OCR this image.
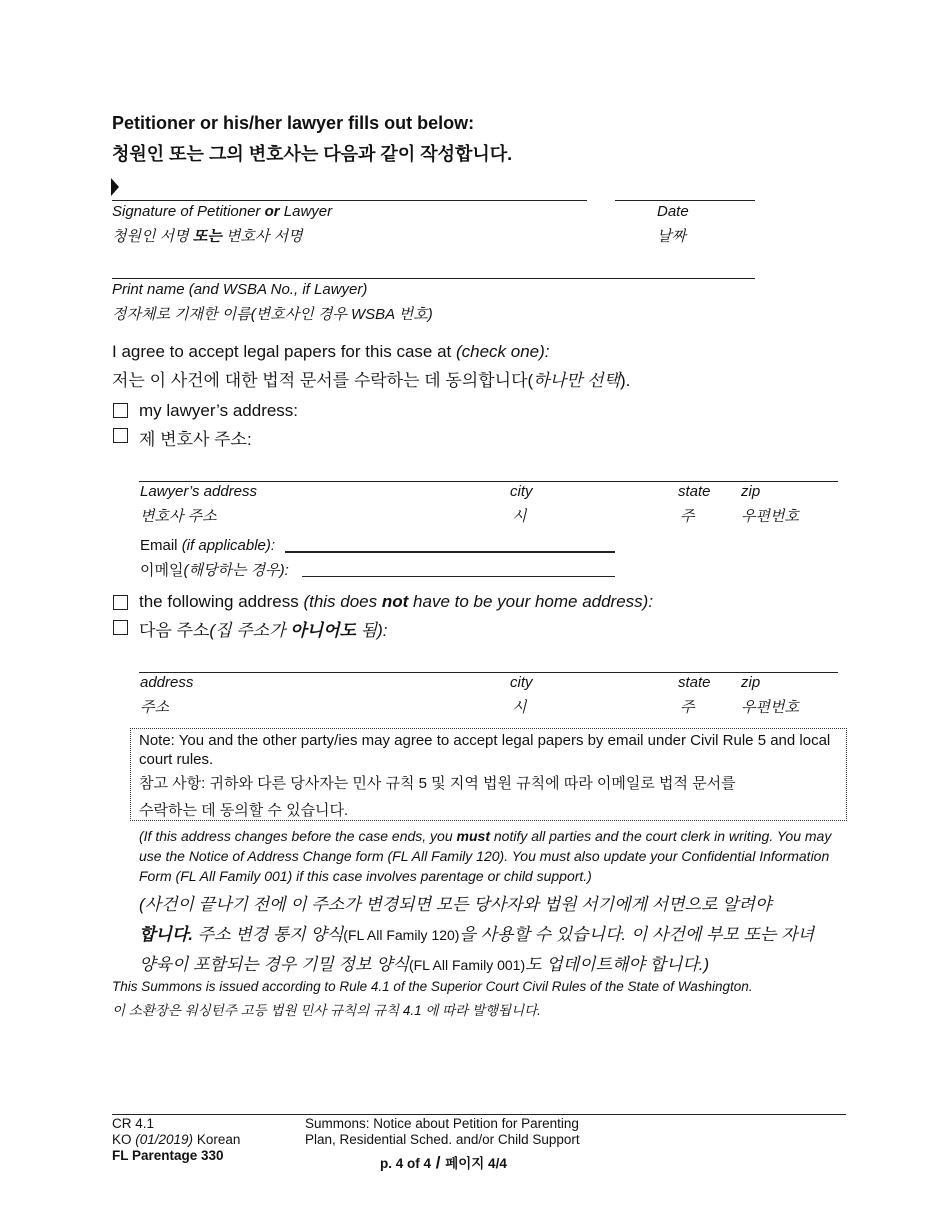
Petitioner or his/her lawyer fills out below:
청원인 또는 그의 변호사는 다음과 같이 작성합니다.
Signature of Petitioner or Lawyer
청원인 서명 또는 변호사 서명
Date
날짜
Print name (and WSBA No., if Lawyer)
정자체로 기재한 이름(변호사인 경우 WSBA 번호)
I agree to accept legal papers for this case at (check one):
저는 이 사건에 대한 법적 문서를 수락하는 데 동의합니다(하나만 선택).
my lawyer’s address:
제 변호사 주소:
Lawyer’s address
변호사 주소
city
시
state
주
zip
우편번호
Email (if applicable):
이메일(해당하는 경우):
the following address (this does not have to be your home address):
다음 주소(집 주소가 아니어도 됨):
address
주소
city
시
state
주
zip
우편번호
Note: You and the other party/ies may agree to accept legal papers by email under Civil Rule 5 and local court rules.
참고 사항: 귀하와 다른 당사자는 민사 규칙 5 및 지역 법원 규칙에 따라 이메일로 법적 문서를
수락하는 데 동의할 수 있습니다.
(If this address changes before the case ends, you must notify all parties and the court clerk in writing. You may
use the Notice of Address Change form (FL All Family 120). You must also update your Confidential Information
Form (FL All Family 001) if this case involves parentage or child support.)
(사건이 끝나기 전에 이 주소가 변경되면 모든 당사자와 법원 서기에게 서면으로 알려야
합니다. 주소 변경 통지 양식(FL All Family 120)을 사용할 수 있습니다. 이 사건에 부모 또는 자녀
양육이 포함되는 경우 기밀 정보 양식(FL All Family 001)도 업데이트해야 합니다.)
This Summons is issued according to Rule 4.1 of the Superior Court Civil Rules of the State of Washington.
이 소환장은 워싱턴주 고등 법원 민사 규칙의 규칙 4.1 에 따라 발행됩니다.
CR 4.1
KO (01/2019) Korean
FL Parentage 330
Summons: Notice about Petition for Parenting
Plan, Residential Sched. and/or Child Support
p. 4 of 4 / 페이지 4/4
